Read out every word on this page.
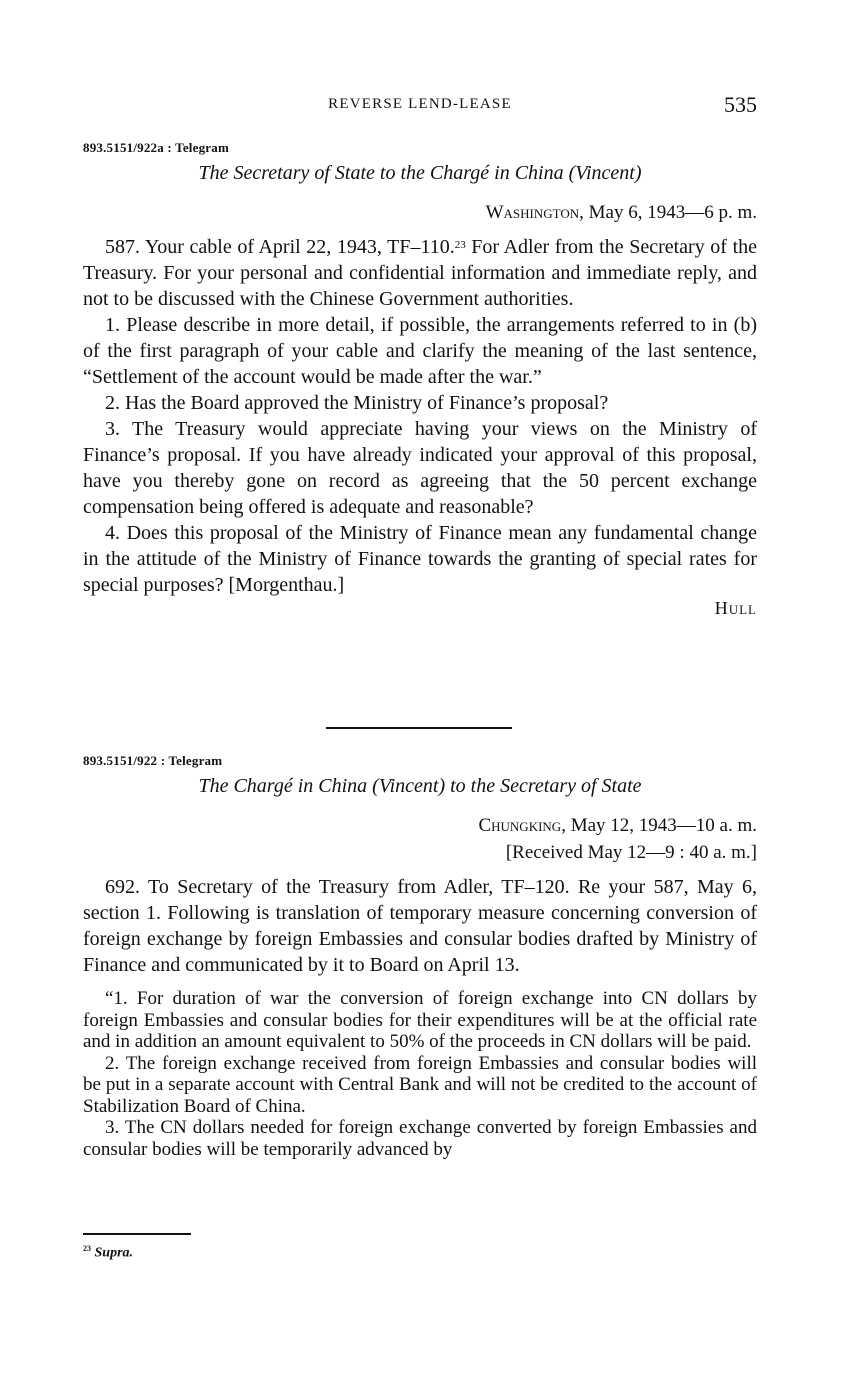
REVERSE LEND-LEASE	535
893.5151/922a : Telegram
The Secretary of State to the Chargé in China (Vincent)
Washington, May 6, 1943—6 p. m.

587. Your cable of April 22, 1943, TF–110.23 For Adler from the Secretary of the Treasury. For your personal and confidential information and immediate reply, and not to be discussed with the Chinese Government authorities.

1. Please describe in more detail, if possible, the arrangements referred to in (b) of the first paragraph of your cable and clarify the meaning of the last sentence, “Settlement of the account would be made after the war.”

2. Has the Board approved the Ministry of Finance’s proposal?

3. The Treasury would appreciate having your views on the Ministry of Finance’s proposal. If you have already indicated your approval of this proposal, have you thereby gone on record as agreeing that the 50 percent exchange compensation being offered is adequate and reasonable?

4. Does this proposal of the Ministry of Finance mean any fundamental change in the attitude of the Ministry of Finance towards the granting of special rates for special purposes? [Morgenthau.]

Hull
893.5151/922 : Telegram
The Chargé in China (Vincent) to the Secretary of State
Chungking, May 12, 1943—10 a. m.
[Received May 12—9 : 40 a. m.]

692. To Secretary of the Treasury from Adler, TF–120. Re your 587, May 6, section 1. Following is translation of temporary measure concerning conversion of foreign exchange by foreign Embassies and consular bodies drafted by Ministry of Finance and communicated by it to Board on April 13.

“1. For duration of war the conversion of foreign exchange into CN dollars by foreign Embassies and consular bodies for their expenditures will be at the official rate and in addition an amount equivalent to 50% of the proceeds in CN dollars will be paid.

2. The foreign exchange received from foreign Embassies and consular bodies will be put in a separate account with Central Bank and will not be credited to the account of Stabilization Board of China.

3. The CN dollars needed for foreign exchange converted by foreign Embassies and consular bodies will be temporarily advanced by

$^{23}$ Supra.
